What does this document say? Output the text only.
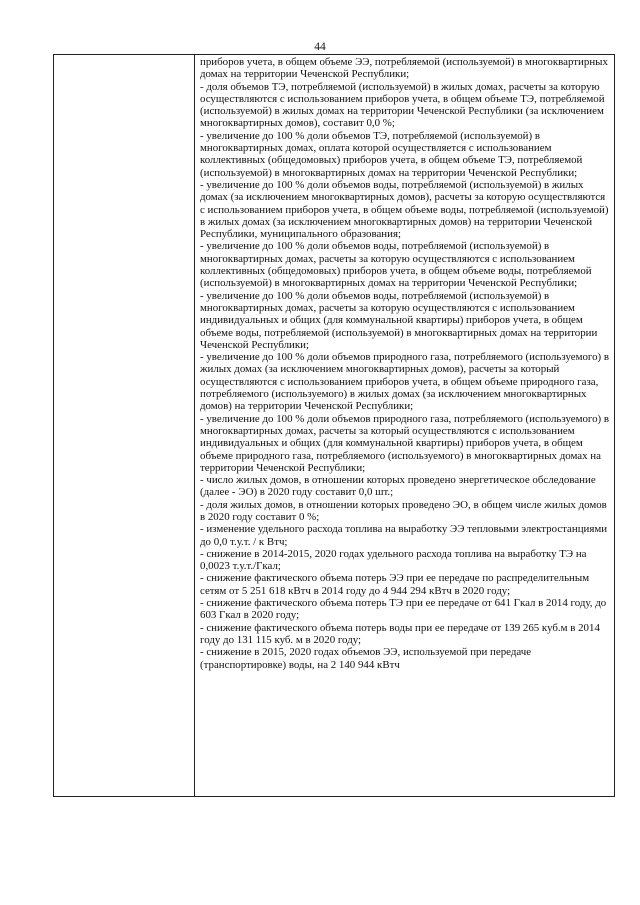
44

приборов учета, в общем объеме ЭЭ, потребляемой (используемой) в многоквартирных домах на территории Чеченской Республики;

- доля объемов ТЭ, потребляемой (используемой) в жилых домах, расчеты за которую осуществляются с использованием приборов учета, в общем объеме ТЭ, потребляемой (используемой) в жилых домах на территории Чеченской Республики (за исключением многоквартирных домов), составит 0,0 %;

- увеличение до 100 % доли объемов ТЭ, потребляемой (используемой) в многоквартирных домах, оплата которой осуществляется с использованием коллективных (общедомовых) приборов учета, в общем объеме ТЭ, потребляемой (используемой) в многоквартирных домах на территории Чеченской Республики;

- увеличение до 100 % доли объемов воды, потребляемой (используемой) в жилых домах (за исключением многоквартирных домов), расчеты за которую осуществляются с использованием приборов учета, в общем объеме воды, потребляемой (используемой) в жилых домах (за исключением многоквартирных домов) на территории Чеченской Республики, муниципального образования;

- увеличение до 100 % доли объемов воды, потребляемой (используемой) в многоквартирных домах, расчеты за которую осуществляются с использованием коллективных (общедомовых) приборов учета, в общем объеме воды, потребляемой (используемой) в многоквартирных домах на территории Чеченской Республики;

- увеличение до 100 % доли объемов воды, потребляемой (используемой) в многоквартирных домах, расчеты за которую осуществляются с использованием индивидуальных и общих (для коммунальной квартиры) приборов учета, в общем объеме воды, потребляемой (используемой) в многоквартирных домах на территории Чеченской Республики;

- увеличение до 100 % доли объемов природного газа, потребляемого (используемого) в жилых домах (за исключением многоквартирных домов), расчеты за который осуществляются с использованием приборов учета, в общем объеме природного газа, потребляемого (используемого) в жилых домах (за исключением многоквартирных домов) на территории Чеченской Республики;

- увеличение до 100 % доли объемов природного газа, потребляемого (используемого) в многоквартирных домах, расчеты за который осуществляются с использованием индивидуальных и общих (для коммунальной квартиры) приборов учета, в общем объеме природного газа, потребляемого (используемого) в многоквартирных домах на территории Чеченской Республики;

- число жилых домов, в отношении которых проведено энергетическое обследование (далее - ЭО) в 2020 году составит 0,0 шт.;

- доля жилых домов, в отношении которых проведено ЭО, в общем числе жилых домов в 2020 году составит 0 %;

- изменение удельного расхода топлива на выработку ЭЭ тепловыми электростанциями до 0,0 т.у.т. / к Втч;

- снижение в 2014-2015, 2020 годах удельного расхода топлива на выработку ТЭ на 0,0023 т.у.т./Гкал;

- снижение фактического объема потерь ЭЭ при ее передаче по распределительным сетям от 5 251 618 кВтч в 2014 году до 4 944 294 кВтч в 2020 году;

- снижение фактического объема потерь ТЭ при ее передаче от 641 Гкал в 2014 году, до 603 Гкал в 2020 году;

- снижение фактического объема потерь воды при ее передаче от 139 265 куб.м в 2014 году до 131 115 куб. м в 2020 году;

- снижение в 2015, 2020 годах объемов ЭЭ, используемой при передаче (транспортировке) воды, на 2 140 944 кВтч
